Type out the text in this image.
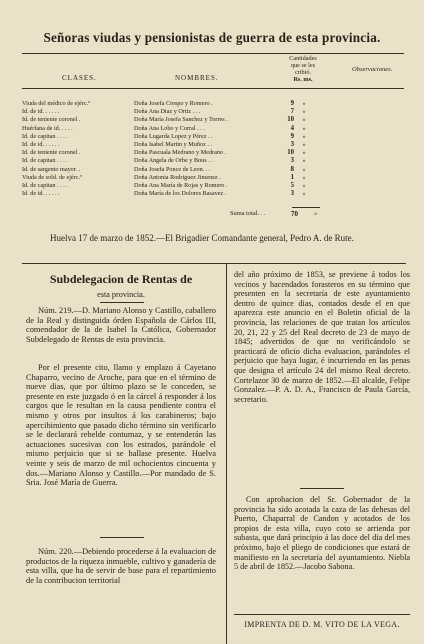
Señoras viudas y pensionistas de guerra de esta provincia.
Cantidades
que se les
cribió.
Rs. ms.
CLASES.	NOMBRES.
Observaciones.
Viuda del médico de ejérc.º	Doña Josefa Crespo y Romero .	9	»
Id. de id. . . . . .	Doña Ana Diaz y Ortiz . . .	7	»
Id. de teniente coronel .	Doña María Josefa Sanchez y Torres .	10	»
Huérfana de id. . . . .	Doña Ana Lobo y Corral . . .	4	»
Id. de capitan . . . .	Doña Lugarda Lopez y Pérez . .	9	»
Id. de id. . . . . .	Doña Isabel Martin y Muñoz . .	3	»
Id. de teniente coronel .	Doña Pascuala Medrano y Medrano .	10	»
Id. de capitan . . . .	Doña Angela de Orbe y Bous . .	3	»
Id. de sargento mayor. .	Doña Josefa Ponce de Leon. . .	8	»
Viuda de sold. de ejérc.º	Doña Antonia Rodriguez Jimenez .	1	»
Id. de capitan . . . .	Doña Ana María de Rojas y Romero .	5	»
Id. de id. . . . . .	Doña María de los Dolores Basavez .	3	»
Suma total. . .	70	»
Huelva 17 de marzo de 1852.—El Brigadier Comandante general, Pedro A. de Rute.
Subdelegacion de Rentas de
esta provincia.
Núm. 219.—D. Mariano Alonso y Castillo, caballero de la Real y distinguida órden Española de Cárlos III, comendador de la de Isabel la Católica, Gobernador Subdelegado de Rentas de esta provincia.
Por el presente cito, llamo y emplazo á Cayetano Chaparro, vecino de Aroche, para que en el término de nueve dias, que por último plazo se le conceden, se presente en este juzgado ó en la cárcel á responder á los cargos que le resultan en la causa pendiente contra el mismo y otros por insultos á los carabineros; bajo apercibimiento que pasado dicho término sin verificarlo se le declarará rebelde contumaz, y se entenderán las actuaciones sucesivas con los estrados, parándole el mismo perjuicio que si se hallase presente. Huelva veinte y seis de marzo de mil ochocientos cincuenta y dos.—Mariano Alonso y Castillo.—Por mandado de S. Sria. José María de Guerra.
Núm. 220.—Debiendo procederse á la evaluacion de productos de la riqueza inmueble, cultivo y ganadería de esta villa, que ha de servir de base para el repartimiento de la contribucion territorial
del año próximo de 1853, se previene á todos los vecinos y hacendados forasteros en su término que presenten en la secretaría de este ayuntamiento dentro de quince dias, contados desde el en que aparezca este anuncio en el Boletin oficial de la provincia, las relaciones de que tratan los artículos 20, 21, 22 y 25 del Real decreto de 23 de mayo de 1845; advertidos de que no verificándolo se practicará de oficio dicha evaluacion, parándoles el perjuicio que haya lugar, é incurriendo en las penas que designa el artículo 24 del mismo Real decreto. Cortelazor 30 de marzo de 1852.—El alcalde, Felipe Gonzalez.—P. A. D. A., Francisco de Paula García, secretario.
Con aprobacion del Sr. Gobernador de la provincia ha sido acotada la caza de las dehesas del Puerto, Chaparral de Candon y acotados de los propios de esta villa, cuyo coto se arrienda por subasta, que dará principio á las doce del dia del mes próximo, bajo el pliego de condiciones que estará de manifiesto en la secretaría del ayuntamiento. Niebla 5 de abril de 1852.—Jacobo Sabona.
IMPRENTA DE D. M. VITO DE LA VEGA.
